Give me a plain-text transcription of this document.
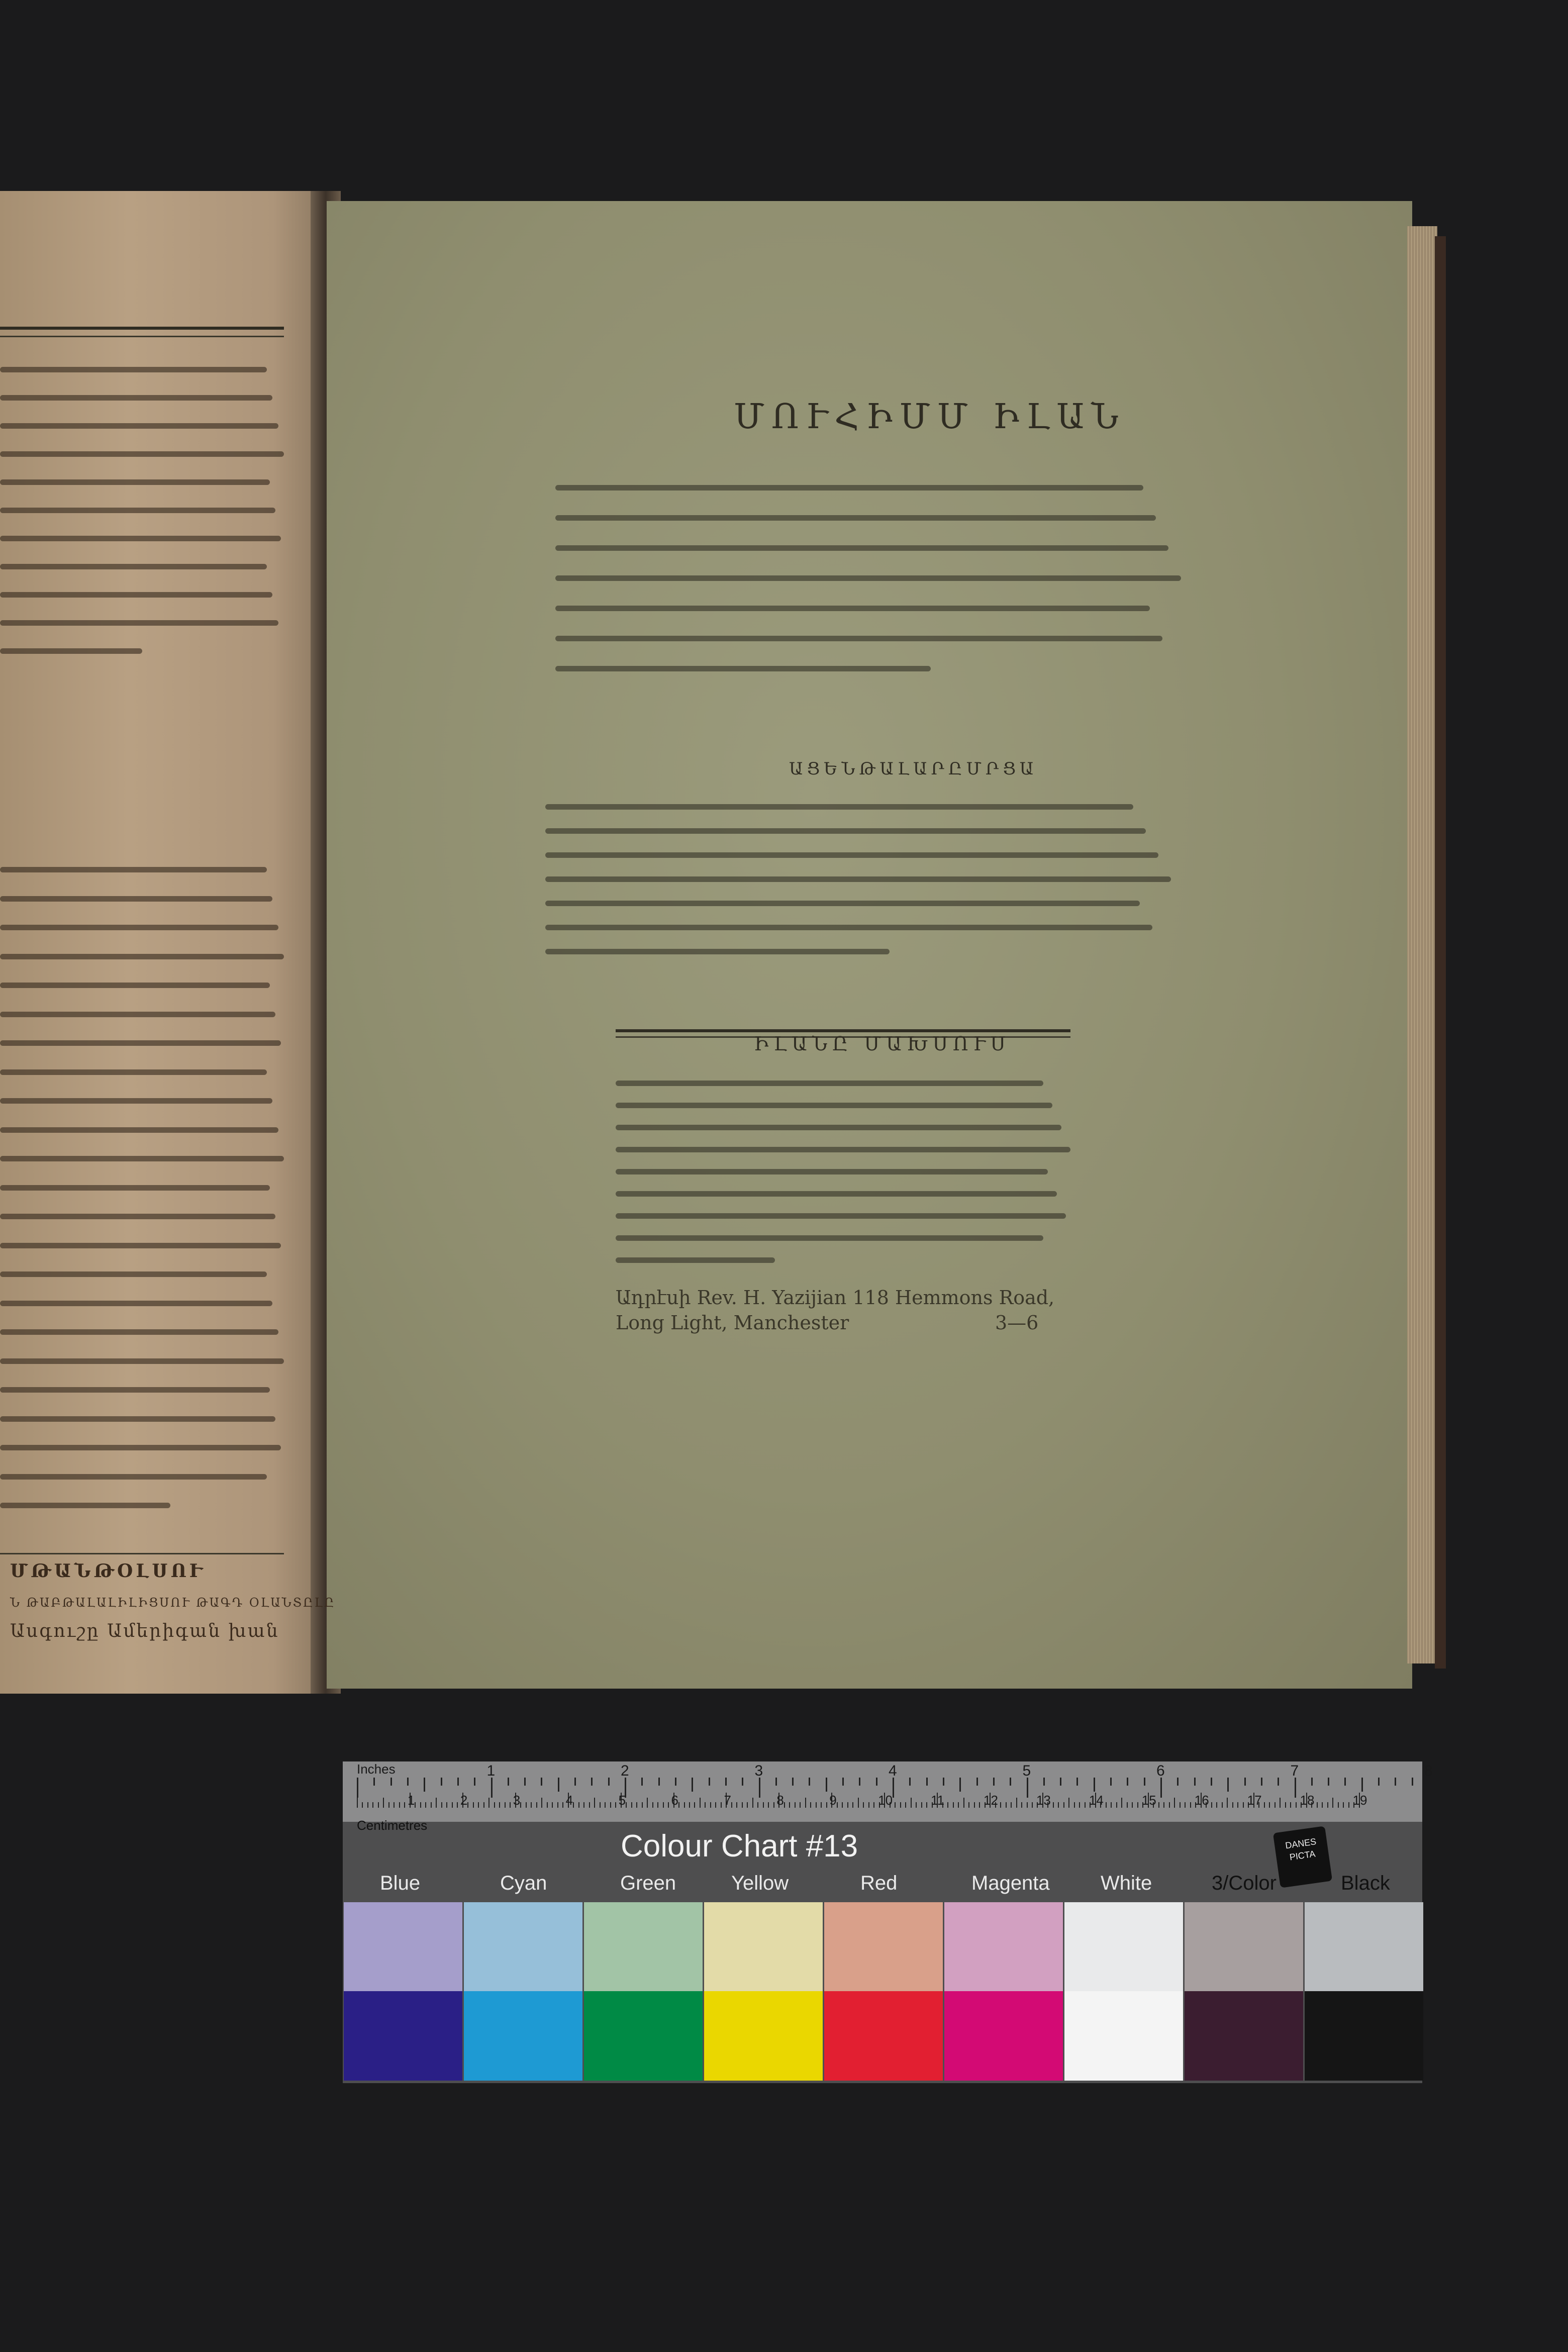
ՄԹԱՆԹՕԼՍՈՒ
Ն ԹԱԲԹԱԼԱԼԻԼԻՑՍՈՒ ԹԱԳԴ ՕԼԱՆՏԸԼԸ
Ասգուշը Ամերիգան խան
ՄՈՒՀԻՄՄ ԻԼԱՆ
ԱՑԵՆԹԱԼԱՐԸՄՐՑԱ
ԻԼԱՆԸ ՄԱԽՍՈՒՍ
Ադրէսի Rev. H. Yazijian 118 Hemmons Road,
Long Light, Manchester	3—6
Inches
Centimetres
1	2	3	4	5	6	7	8
1	2	3	4	5	6	7	8	9	10	11	12	13	14	15	16	17	18	19
Colour Chart #13	DANES PICTA
Blue	Cyan	Green	Yellow	Red	Magenta	White	3/Color	Black
